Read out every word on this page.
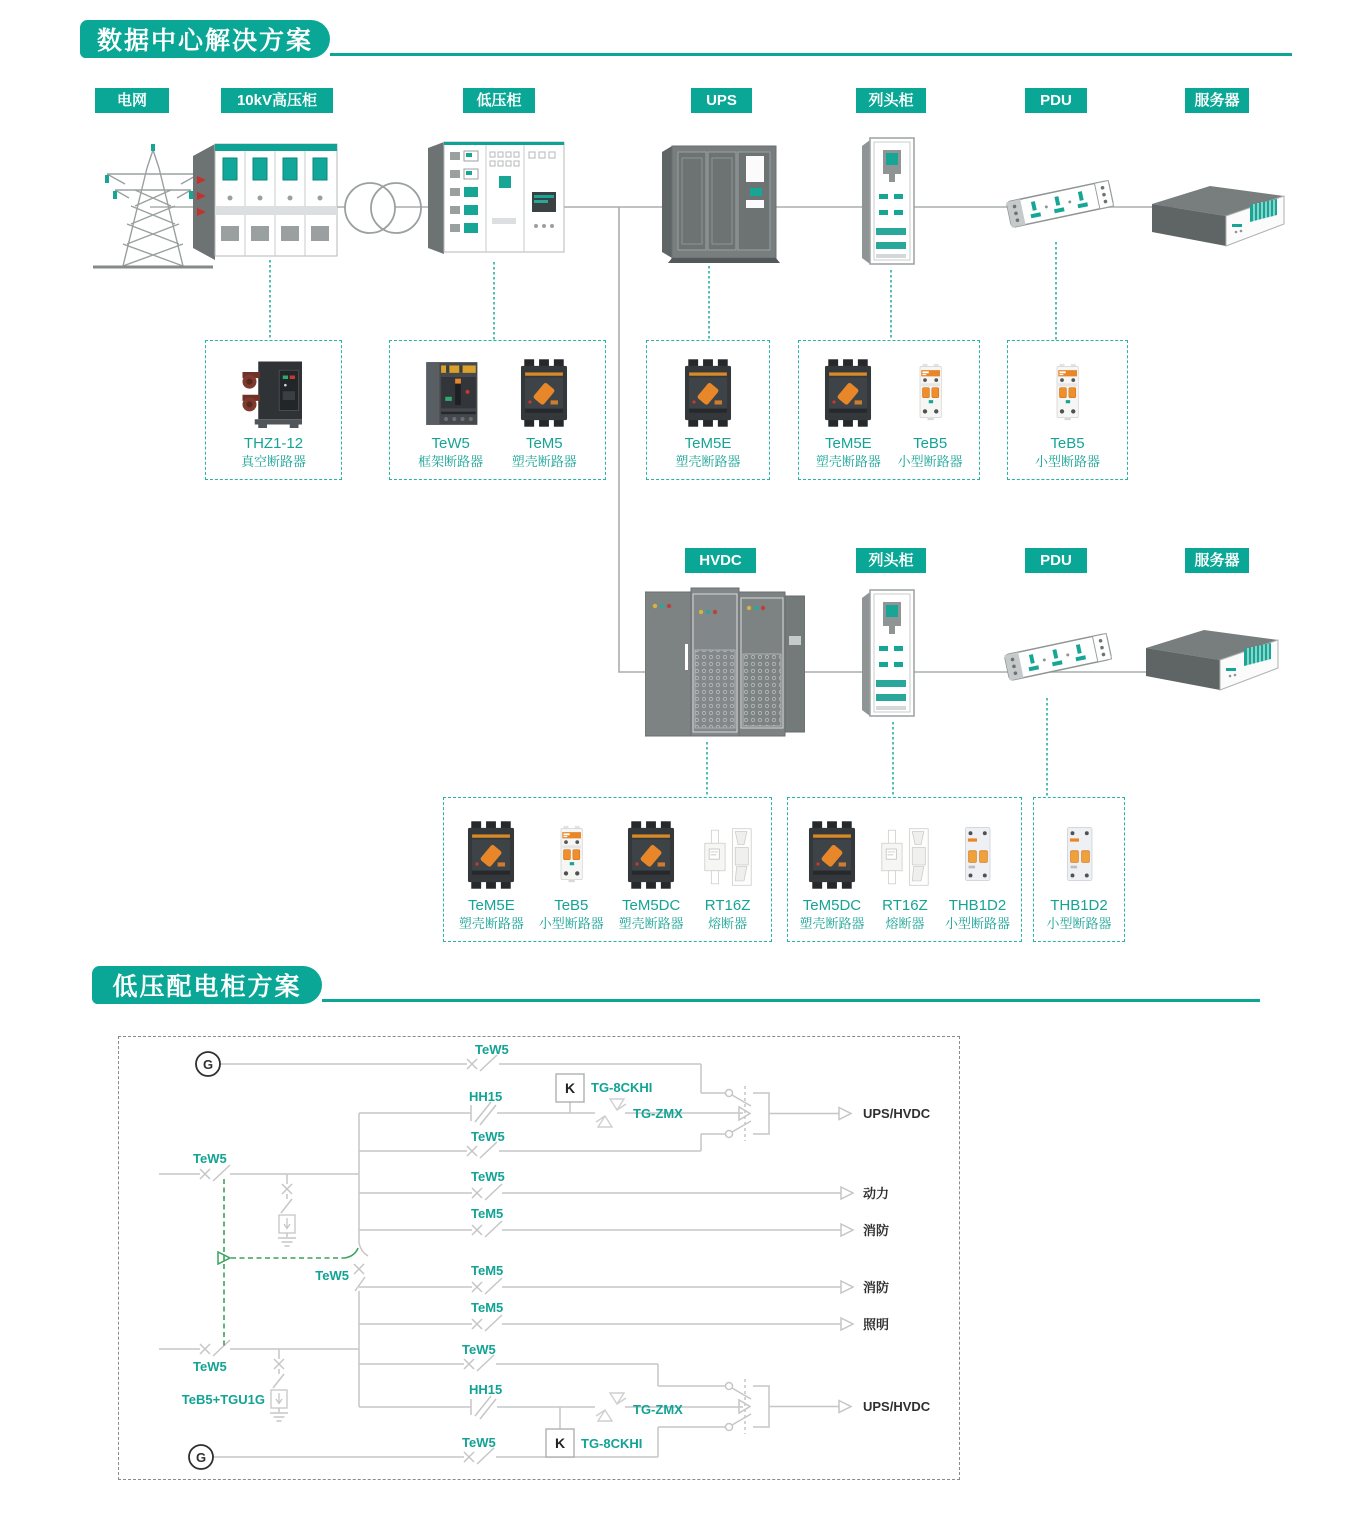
数据中心解决方案
电网	10kV高压柜	低压柜	UPS	列头柜	PDU	服务器
HVDC	列头柜	PDU	服务器
THZ1-12
真空断路器
TeW5
框架断路器
TeM5
塑壳断路器
TeM5E
塑壳断路器
TeM5E
塑壳断路器
TeB5
小型断路器
TeB5
小型断路器
TeM5E
塑壳断路器
TeB5
小型断路器
TeM5DC
塑壳断路器
RT16Z
熔断器
TeM5DC
塑壳断路器
RT16Z
熔断器
THB1D2
小型断路器
THB1D2
小型断路器
低压配电柜方案
G
G
K
K
TeW5
HH15
TG-8CKHI
TG-ZMX
TeW5
TeW5
TeW5
TeM5
TeW5	TeM5
TeM5
TeW5
TeB5+TGU1G
TeW5
HH15
TG-ZMX
TG-8CKHI
TeW5
UPS/HVDC
动力
消防
消防
照明
UPS/HVDC
